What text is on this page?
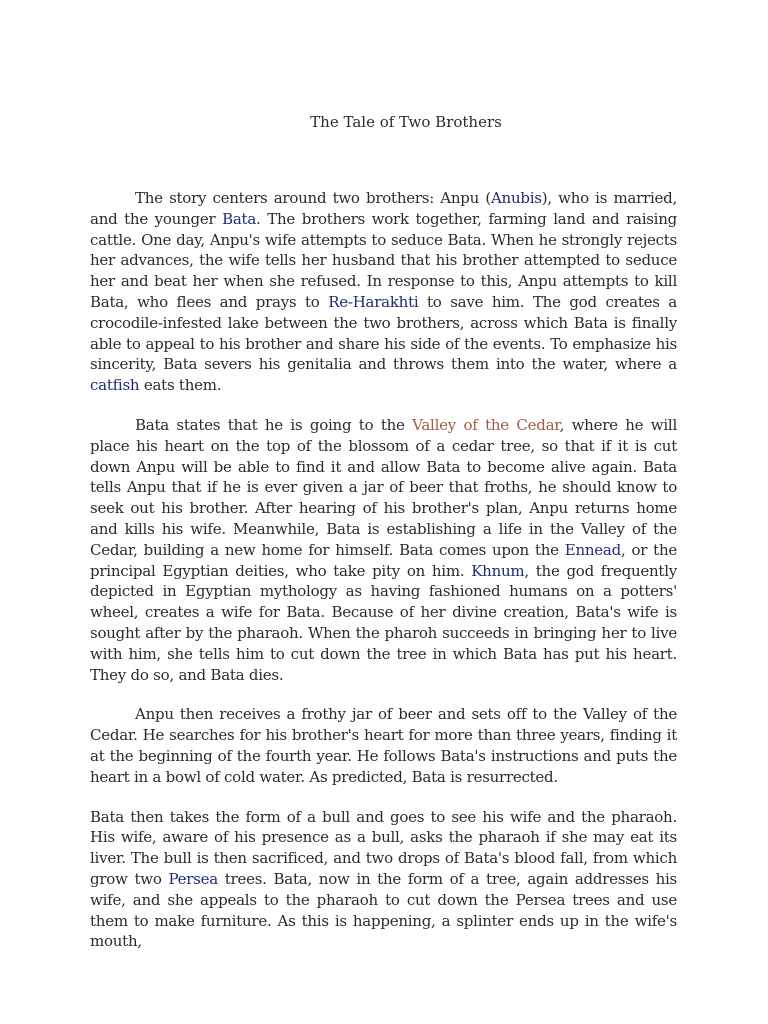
The Tale of Two Brothers

The story centers around two brothers: Anpu (Anubis), who is married, and the younger Bata. The brothers work together, farming land and raising cattle. One day, Anpu's wife attempts to seduce Bata. When he strongly rejects her advances, the wife tells her husband that his brother attempted to seduce her and beat her when she refused. In response to this, Anpu attempts to kill Bata, who flees and prays to Re-Harakhti to save him. The god creates a crocodile-infested lake between the two brothers, across which Bata is finally able to appeal to his brother and share his side of the events. To emphasize his sincerity, Bata severs his genitalia and throws them into the water, where a catfish eats them.

Bata states that he is going to the Valley of the Cedar, where he will place his heart on the top of the blossom of a cedar tree, so that if it is cut down Anpu will be able to find it and allow Bata to become alive again. Bata tells Anpu that if he is ever given a jar of beer that froths, he should know to seek out his brother. After hearing of his brother's plan, Anpu returns home and kills his wife. Meanwhile, Bata is establishing a life in the Valley of the Cedar, building a new home for himself. Bata comes upon the Ennead, or the principal Egyptian deities, who take pity on him. Khnum, the god frequently depicted in Egyptian mythology as having fashioned humans on a potters' wheel, creates a wife for Bata. Because of her divine creation, Bata's wife is sought after by the pharaoh. When the pharoh succeeds in bringing her to live with him, she tells him to cut down the tree in which Bata has put his heart. They do so, and Bata dies.

Anpu then receives a frothy jar of beer and sets off to the Valley of the Cedar. He searches for his brother's heart for more than three years, finding it at the beginning of the fourth year. He follows Bata's instructions and puts the heart in a bowl of cold water. As predicted, Bata is resurrected.

Bata then takes the form of a bull and goes to see his wife and the pharaoh. His wife, aware of his presence as a bull, asks the pharaoh if she may eat its liver. The bull is then sacrificed, and two drops of Bata's blood fall, from which grow two Persea trees. Bata, now in the form of a tree, again addresses his wife, and she appeals to the pharaoh to cut down the Persea trees and use them to make furniture. As this is happening, a splinter ends up in the wife's mouth,
